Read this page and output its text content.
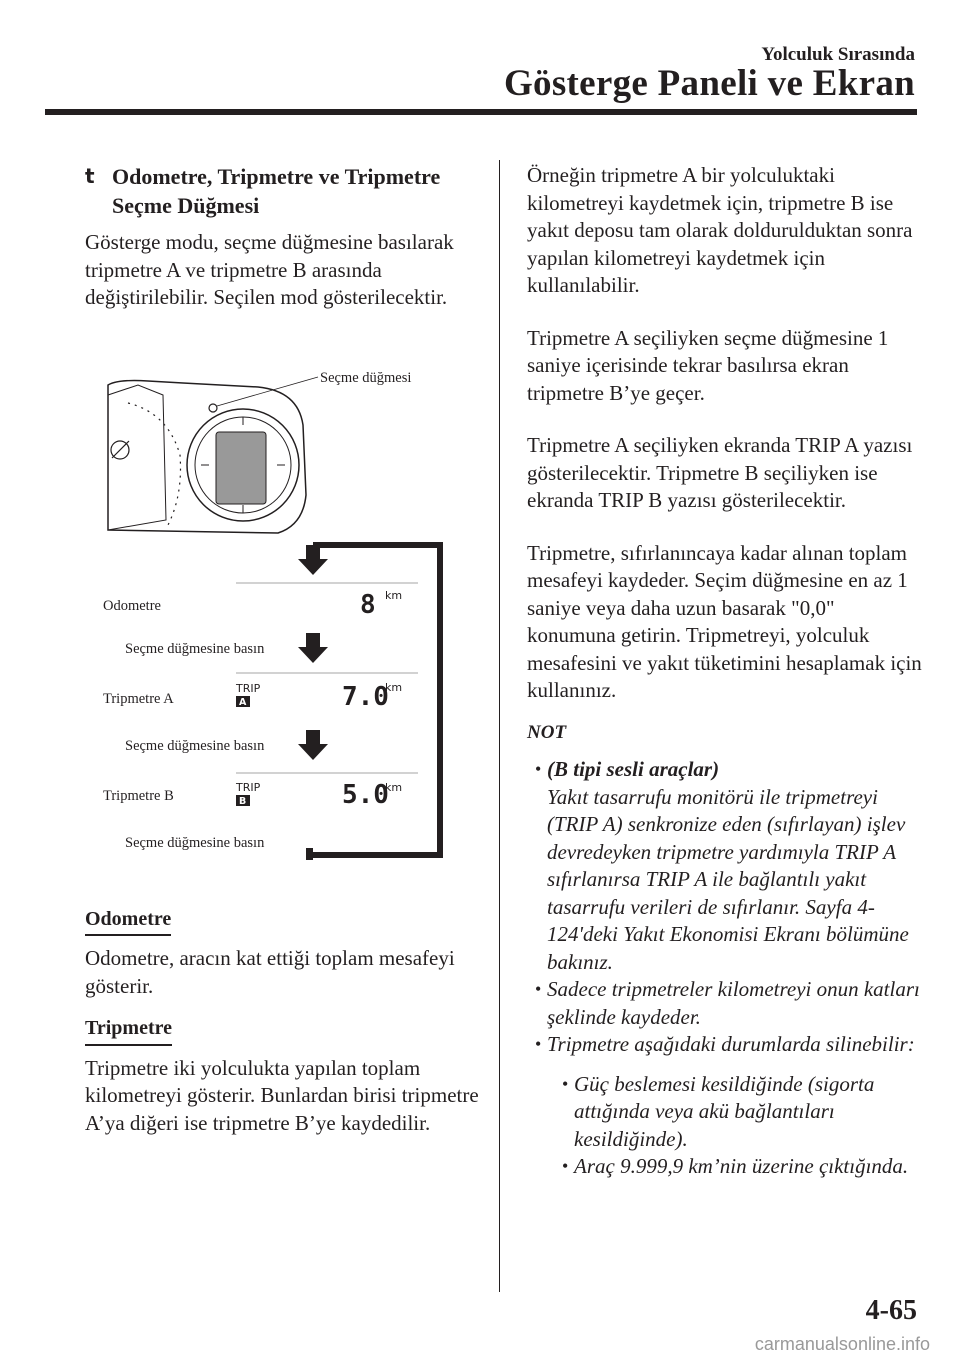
Yolculuk Sırasında
Gösterge Paneli ve Ekran
t Odometre, Tripmetre ve Tripmetre
Seçme Düğmesi

Gösterge modu, seçme düğmesine basılarak tripmetre A ve tripmetre B arasında değiştirilebilir. Seçilen mod gösterilecektir.

Odometre

Odometre, aracın kat ettiği toplam mesafeyi gösterir.

Tripmetre

Tripmetre iki yolculukta yapılan toplam kilometreyi gösterir. Bunlardan birisi tripmetre A’ya diğeri ise tripmetre B’ye kaydedilir.

Seçme düğmesi
Odometre	8 km
Seçme düğmesine basın
Tripmetre A
TRIP
A	7.0
km
Seçme düğmesine basın
Tripmetre B
TRIP
B	5.0
km
Seçme düğmesine basın

Örneğin tripmetre A bir yolculuktaki kilometreyi kaydetmek için, tripmetre B ise yakıt deposu tam olarak doldurulduktan sonra yapılan kilometreyi kaydetmek için kullanılabilir.

Tripmetre A seçiliyken seçme düğmesine 1 saniye içerisinde tekrar basılırsa ekran tripmetre B’ye geçer.

Tripmetre A seçiliyken ekranda TRIP A yazısı gösterilecektir. Tripmetre B seçiliyken ise ekranda TRIP B yazısı gösterilecektir.

Tripmetre, sıfırlanıncaya kadar alınan toplam mesafeyi kaydeder. Seçim düğmesine en az 1 saniye veya daha uzun basarak "0,0" konumuna getirin. Tripmetreyi, yolculuk mesafesini ve yakıt tüketimini hesaplamak için kullanınız.

NOT
• (B tipi sesli araçlar)
Yakıt tasarrufu monitörü ile tripmetreyi (TRIP A) senkronize eden (sıfırlayan) işlev devredeyken tripmetre yardımıyla TRIP A sıfırlanırsa TRIP A ile bağlantılı yakıt tasarrufu verileri de sıfırlanır. Sayfa 4-124'deki Yakıt Ekonomisi Ekranı bölümüne bakınız.
• Sadece tripmetreler kilometreyi onun katları şeklinde kaydeder.
• Tripmetre aşağıdaki durumlarda silinebilir:
• Güç beslemesi kesildiğinde (sigorta attığında veya akü bağlantıları kesildiğinde).
• Araç 9.999,9 km’nin üzerine çıktığında.
4-65
carmanualsonline.info
